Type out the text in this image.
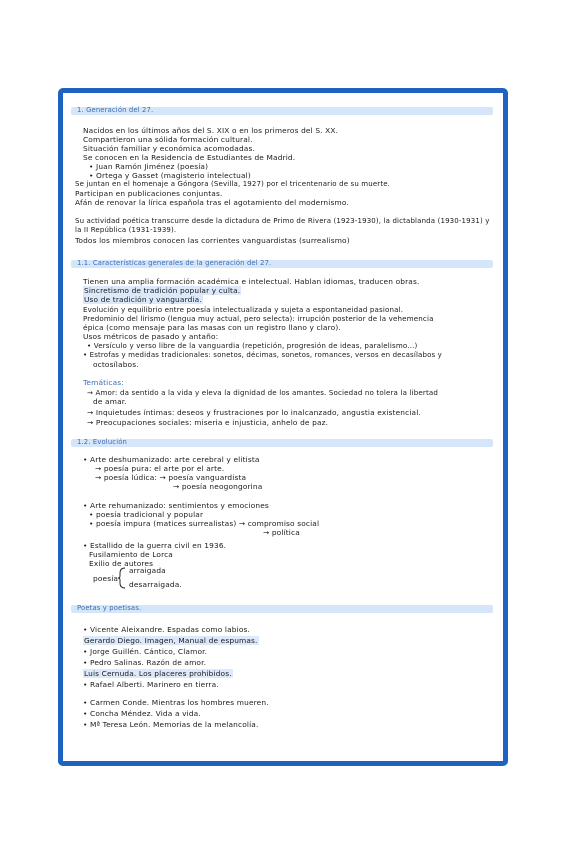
1. Generación del 27.
Nacidos en los últimos años del S. XIX o en los primeros del S. XX.
Compartieron una sólida formación cultural.
Situación familiar y económica acomodadas.
Se conocen en la Residencia de Estudiantes de Madrid.
• Juan Ramón Jiménez (poesía)
• Ortega y Gasset (magisterio intelectual)
Se juntan en el homenaje a Góngora (Sevilla, 1927) por el tricentenario de su muerte.
Participan en publicaciones conjuntas.
Afán de renovar la lírica española tras el agotamiento del modernismo.
Su actividad poética transcurre desde la dictadura de Primo de Rivera (1923-1930), la dictablanda (1930-1931) y la II República (1931-1939).
Todos los miembros conocen las corrientes vanguardistas (surrealismo)
1.1. Características generales de la generación del 27.
Tienen una amplia formación académica e intelectual. Hablan idiomas, traducen obras.
Sincretismo de tradición popular y culta.
Uso de tradición y vanguardia.
Evolución y equilibrio entre poesía intelectualizada y sujeta a espontaneidad pasional.
Predominio del lirismo (lengua muy actual, pero selecta): irrupción posterior de la vehemencia
épica (como mensaje para las masas con un registro llano y claro).
Usos métricos de pasado y antaño:
• Versículo y verso libre de la vanguardia (repetición, progresión de ideas, paralelismo...)
• Estrofas y medidas tradicionales: sonetos, décimas, sonetos, romances, versos en decasílabos y
octosílabos.
Temáticas:
→ Amor: da sentido a la vida y eleva la dignidad de los amantes. Sociedad no tolera la libertad
de amar.
→ Inquietudes íntimas: deseos y frustraciones por lo inalcanzado, angustia existencial.
→ Preocupaciones sociales: miseria e injusticia, anhelo de paz.
1.2. Evolución
• Arte deshumanizado: arte cerebral y elitista
→ poesía pura: el arte por el arte.
→ poesía lúdica: → poesía vanguardista
→ poesía neogongorina
• Arte rehumanizado: sentimientos y emociones
• poesía tradicional y popular
• poesía impura (matices surrealistas) → compromiso social
→ política
• Estallido de la guerra civil en 1936.
Fusilamiento de Lorca
Exilio de autores
poesía
arraigada
desarraigada.
Poetas y poetisas.
• Vicente Aleixandre. Espadas como labios.
Gerardo Diego. Imagen, Manual de espumas.
• Jorge Guillén. Cántico, Clamor.
• Pedro Salinas. Razón de amor.
Luis Cernuda. Los placeres prohibidos.
• Rafael Alberti. Marinero en tierra.
• Carmen Conde. Mientras los hombres mueren.
• Concha Méndez. Vida a vida.
• Mª Teresa León. Memorias de la melancolía.
